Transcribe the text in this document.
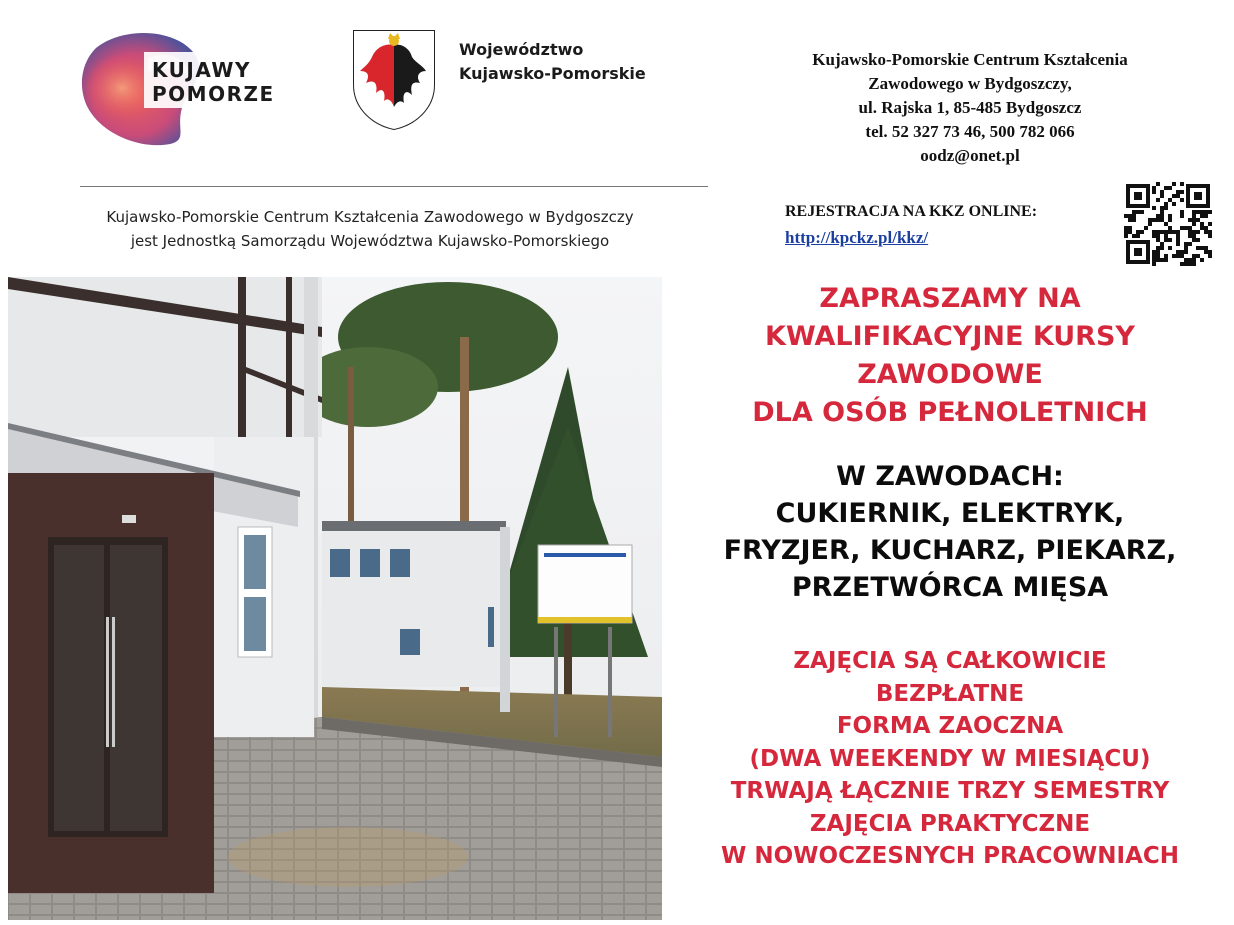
KUJAWY
POMORZE
Województwo
Kujawsko-Pomorskie
Kujawsko-Pomorskie Centrum Kształcenia
Zawodowego w Bydgoszczy,
ul. Rajska 1, 85-485 Bydgoszcz
tel. 52 327 73 46, 500 782 066
oodz@onet.pl
Kujawsko-Pomorskie Centrum Kształcenia Zawodowego w Bydgoszczy
jest Jednostką Samorządu Województwa Kujawsko-Pomorskiego
REJESTRACJA NA KKZ ONLINE:
http://kpckz.pl/kkz/
ZAPRASZAMY NA
KWALIFIKACYJNE KURSY
ZAWODOWE
DLA OSÓB PEŁNOLETNICH
W ZAWODACH:
CUKIERNIK, ELEKTRYK,
FRYZJER, KUCHARZ, PIEKARZ,
PRZETWÓRCA MIĘSA
ZAJĘCIA SĄ CAŁKOWICIE
BEZPŁATNE
FORMA ZAOCZNA
(DWA WEEKENDY W MIESIĄCU)
TRWAJĄ ŁĄCZNIE TRZY SEMESTRY
ZAJĘCIA PRAKTYCZNE
W NOWOCZESNYCH PRACOWNIACH
